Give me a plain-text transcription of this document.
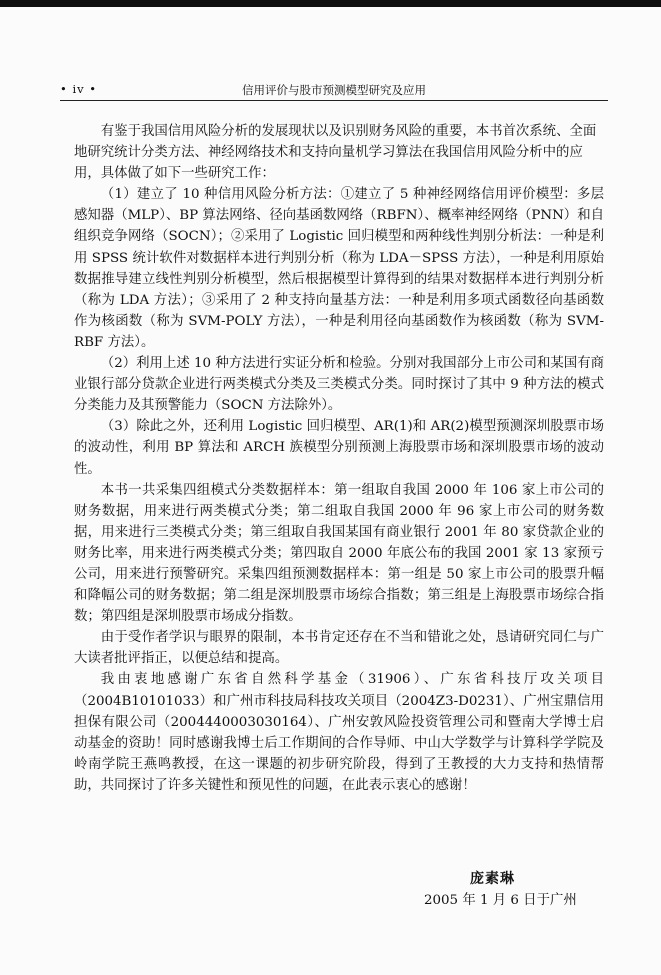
• iv •	信用评价与股市预测模型研究及应用

有鉴于我国信用风险分析的发展现状以及识别财务风险的重要，本书首次系统、全面地研究统计分类方法、神经网络技术和支持向量机学习算法在我国信用风险分析中的应用，具体做了如下一些研究工作：

（1）建立了 10 种信用风险分析方法：①建立了 5 种神经网络信用评价模型：多层感知器（MLP）、BP 算法网络、径向基函数网络（RBFN）、概率神经网络（PNN）和自组织竞争网络（SOCN）；②采用了 Logistic 回归模型和两种线性判别分析法：一种是利用 SPSS 统计软件对数据样本进行判别分析（称为 LDA－SPSS 方法），一种是利用原始数据推导建立线性判别分析模型，然后根据模型计算得到的结果对数据样本进行判别分析（称为 LDA 方法）；③采用了 2 种支持向量基方法：一种是利用多项式函数径向基函数作为核函数（称为 SVM-POLY 方法），一种是利用径向基函数作为核函数（称为 SVM-RBF 方法）。

（2）利用上述 10 种方法进行实证分析和检验。分别对我国部分上市公司和某国有商业银行部分贷款企业进行两类模式分类及三类模式分类。同时探讨了其中 9 种方法的模式分类能力及其预警能力（SOCN 方法除外）。

（3）除此之外，还利用 Logistic 回归模型、AR(1)和 AR(2)模型预测深圳股票市场的波动性，利用 BP 算法和 ARCH 族模型分别预测上海股票市场和深圳股票市场的波动性。

本书一共采集四组模式分类数据样本：第一组取自我国 2000 年 106 家上市公司的财务数据，用来进行两类模式分类；第二组取自我国 2000 年 96 家上市公司的财务数据，用来进行三类模式分类；第三组取自我国某国有商业银行 2001 年 80 家贷款企业的财务比率，用来进行两类模式分类；第四取自 2000 年底公布的我国 2001 家 13 家预亏公司，用来进行预警研究。采集四组预测数据样本：第一组是 50 家上市公司的股票升幅和降幅公司的财务数据；第二组是深圳股票市场综合指数；第三组是上海股票市场综合指数；第四组是深圳股票市场成分指数。

由于受作者学识与眼界的限制，本书肯定还存在不当和错讹之处，恳请研究同仁与广大读者批评指正，以便总结和提高。

我由衷地感谢广东省自然科学基金（31906）、广东省科技厅攻关项目（2004B10101033）和广州市科技局科技攻关项目（2004Z3-D0231）、广州宝鼎信用担保有限公司（2004440003030164）、广州安敦风险投资管理公司和暨南大学博士启动基金的资助！同时感谢我博士后工作期间的合作导师、中山大学数学与计算科学学院及岭南学院王燕鸣教授，在这一课题的初步研究阶段，得到了王教授的大力支持和热情帮助，共同探讨了许多关键性和预见性的问题，在此表示衷心的感谢！

庞素琳
2005 年 1 月 6 日于广州
